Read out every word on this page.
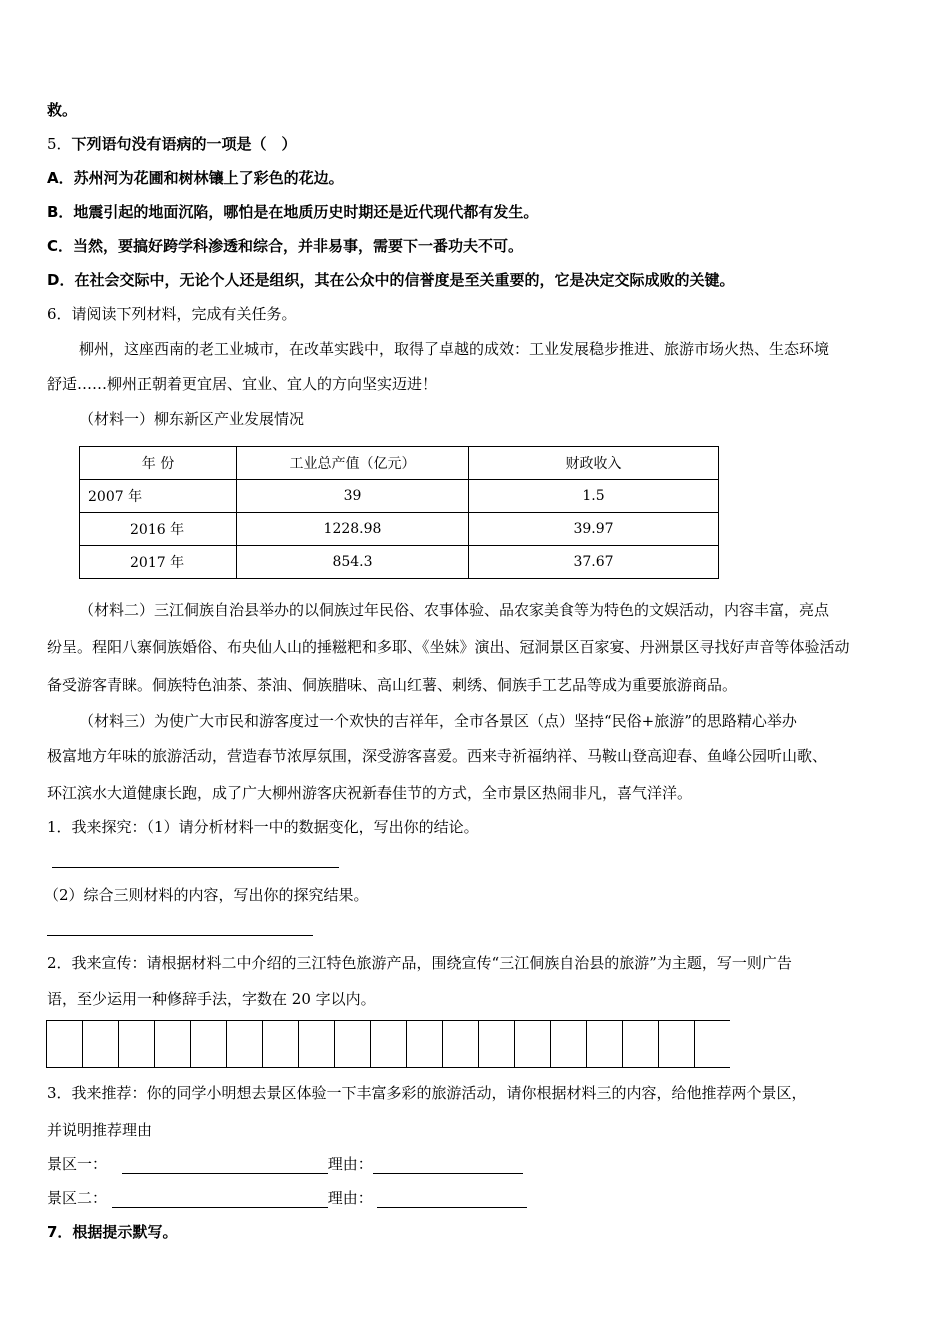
救。
5．下列语句没有语病的一项是（　）
A．苏州河为花圃和树林镶上了彩色的花边。
B．地震引起的地面沉陷，哪怕是在地质历史时期还是近代现代都有发生。
C．当然，要搞好跨学科渗透和综合，并非易事，需要下一番功夫不可。
D．在社会交际中，无论个人还是组织，其在公众中的信誉度是至关重要的，它是决定交际成败的关键。
6．请阅读下列材料，完成有关任务。
柳州，这座西南的老工业城市，在改革实践中，取得了卓越的成效：工业发展稳步推进、旅游市场火热、生态环境
舒适……柳州正朝着更宜居、宜业、宜人的方向坚实迈进！
（材料一）柳东新区产业发展情况
年 份	工业总产值（亿元）	财政收入
2007 年	39	1.5
2016 年	1228.98	39.97
2017 年	854.3	37.67
（材料二）三江侗族自治县举办的以侗族过年民俗、农事体验、品农家美食等为特色的文娱活动，内容丰富，亮点
纷呈。程阳八寨侗族婚俗、布央仙人山的捶糍粑和多耶、《坐妹》演出、冠洞景区百家宴、丹洲景区寻找好声音等体验活动
备受游客青睐。侗族特色油茶、茶油、侗族腊味、高山红薯、刺绣、侗族手工艺品等成为重要旅游商品。
（材料三）为使广大市民和游客度过一个欢快的吉祥年，全市各景区（点）坚持“民俗+旅游”的思路精心举办
极富地方年味的旅游活动，营造春节浓厚氛围，深受游客喜爱。西来寺祈福纳祥、马鞍山登高迎春、鱼峰公园听山歌、
环江滨水大道健康长跑，成了广大柳州游客庆祝新春佳节的方式，全市景区热闹非凡，喜气洋洋。
1．我来探究：（1）请分析材料一中的数据变化，写出你的结论。
（2）综合三则材料的内容，写出你的探究结果。
2．我来宣传：请根据材料二中介绍的三江特色旅游产品，围绕宣传“三江侗族自治县的旅游”为主题，写一则广告
语，至少运用一种修辞手法，字数在 20 字以内。
3．我来推荐：你的同学小明想去景区体验一下丰富多彩的旅游活动，请你根据材料三的内容，给他推荐两个景区，
并说明推荐理由
景区一：	理由：
景区二：	理由：
7．根据提示默写。
